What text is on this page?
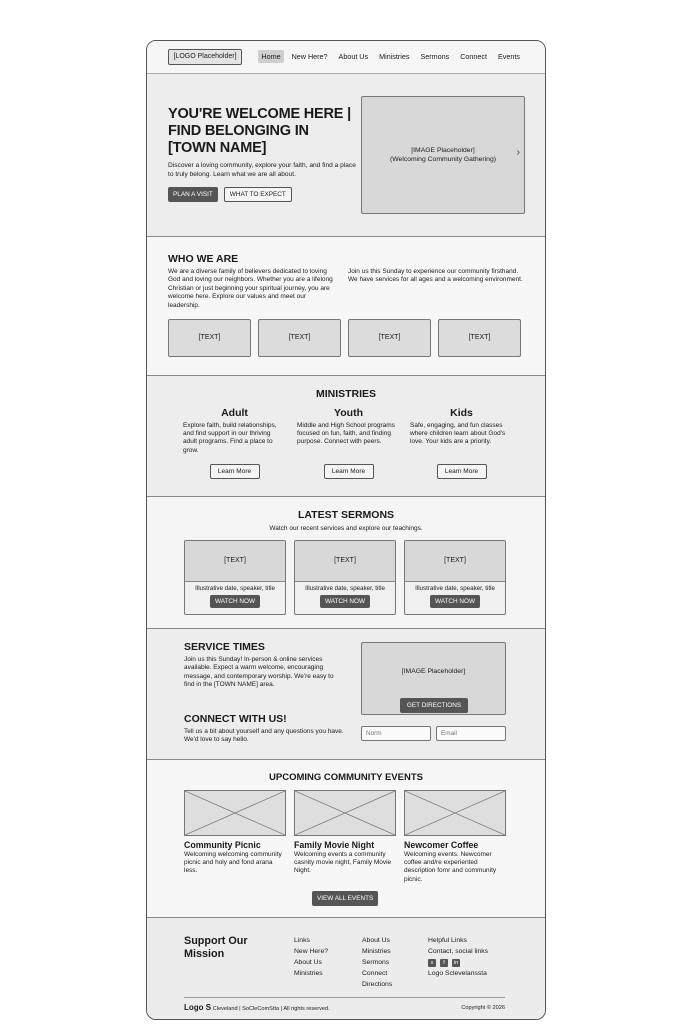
[LOGO Placeholder]	Home	New Here?	About Us	Ministries	Sermons	Connect	Events
YOU'RE WELCOME HERE | FIND BELONGING IN [TOWN NAME]

Discover a loving community, explore your faith, and find a place to truly belong. Learn what we are all about.

PLAN A VISIT	WHAT TO EXPECT
[IMAGE Placeholder]
(Welcoming Community Gathering)
›
WHO WE ARE

We are a diverse family of believers dedicated to loving God and loving our neighbors. Whether you are a lifelong Christian or just beginning your spiritual journey, you are welcome here. Explore our values and meet our leadership.

Join us this Sunday to experience our community firsthand. We have services for all ages and a welcoming environment.

[TEXT]	[TEXT]	[TEXT]	[TEXT]
MINISTRIES
Adult

Explore faith, build relationships, and find support in our thriving adult programs. Find a place to grow.

Learn More
Youth

Middle and High School programs focused on fun, faith, and finding purpose. Connect with peers.

Learn More
Kids

Safe, engaging, and fun classes where children learn about God's love. Your kids are a priority.

Learn More
LATEST SERMONS

Watch our recent services and explore our teachings.

[TEXT]
Illustrative date, speaker, title
WATCH NOW
[TEXT]
Illustrative date, speaker, title
WATCH NOW
[TEXT]
Illustrative date, speaker, title
WATCH NOW
SERVICE TIMES

Join us this Sunday! In-person & online services available. Expect a warm welcome, encouraging message, and contemporary worship. We're easy to find in the [TOWN NAME] area.

CONNECT WITH US!

Tell us a bit about yourself and any questions you have. We'd love to say hello.

[IMAGE Placeholder]
GET DIRECTIONS
Norm
Email
UPCOMING COMMUNITY EVENTS
Community Picnic

Welcoming welcoming community picnic and holy and fond arana less.

Family Movie Night

Welcoming events a community casnity movie night, Family Movie Night.

Newcomer Coffee

Welcoming events. Newcomer coffee and/re experiented description fomr and community picnic.

VIEW ALL EVENTS
Support Our Mission
Links
New Here?
About Us
Ministries
About Us
Ministries
Sermons
Connect
Directions
Helpful Links
Contact, social links
x	f	in
Logo Sclevelanssta
Logo S Cleveland | SoCleComStta | All rights reserved.	Copyright © 2026
